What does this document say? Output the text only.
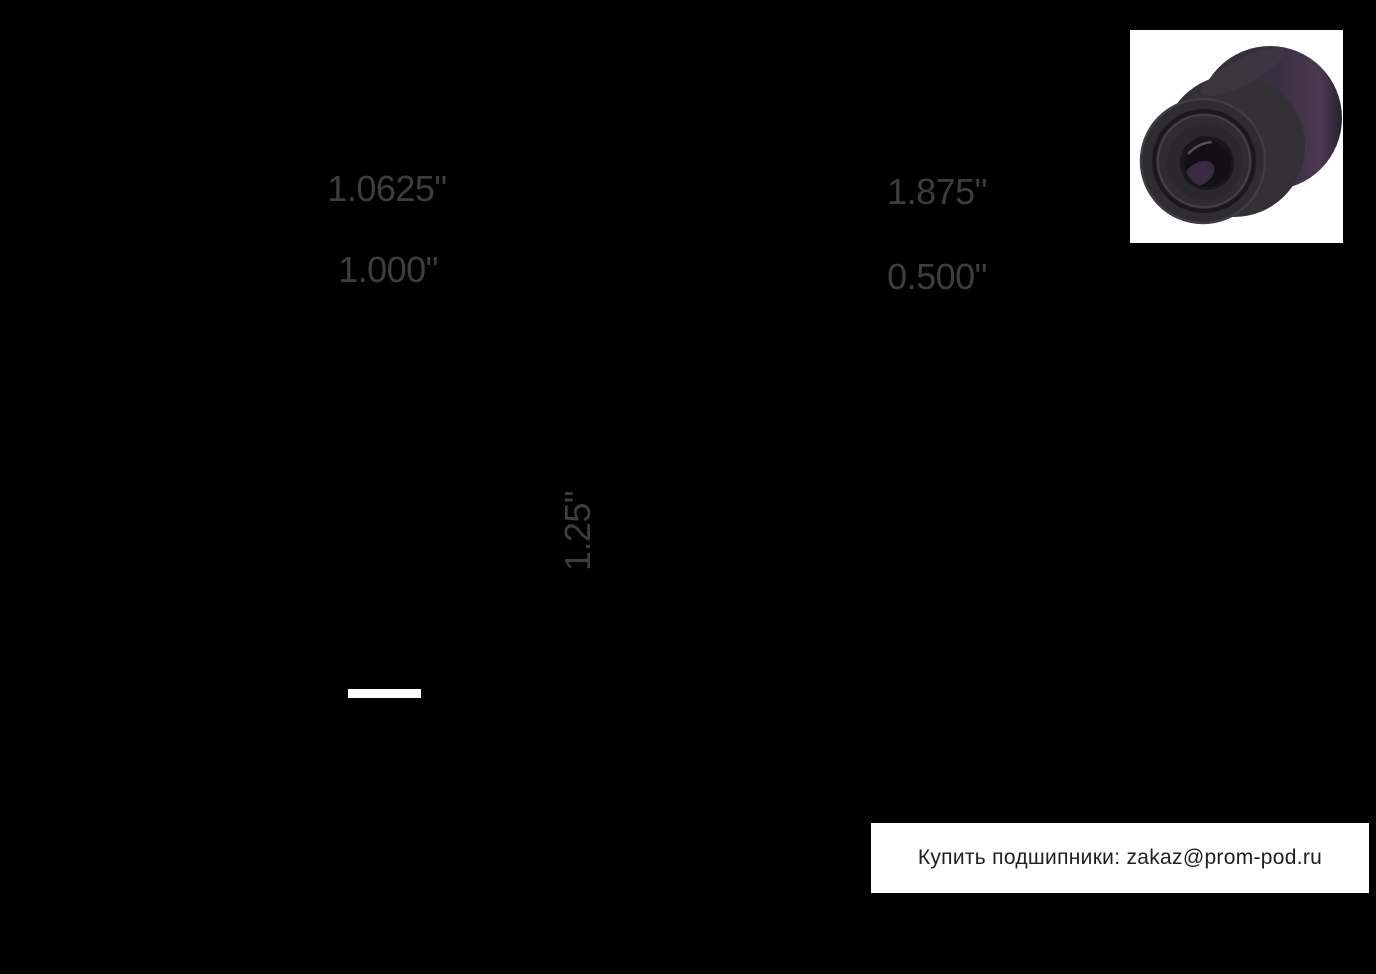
1.0625"
1.000"
1.875"
0.500"
1.25"
Купить подшипники: zakaz@prom-pod.ru
